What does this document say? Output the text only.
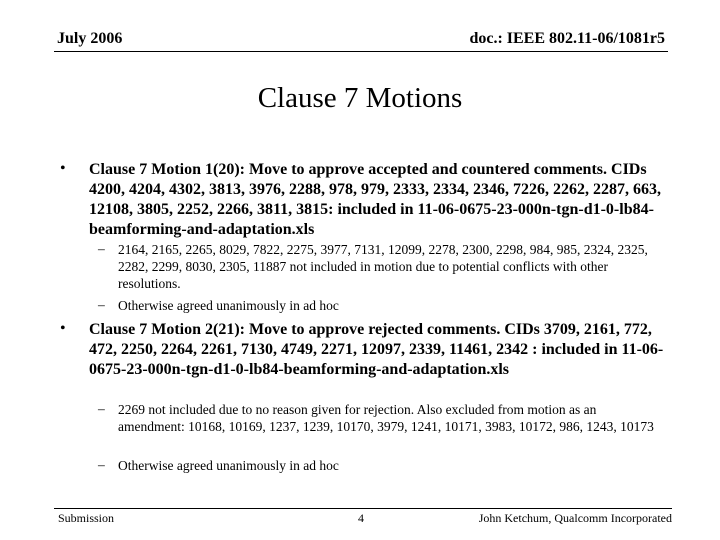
July 2006	doc.: IEEE 802.11-06/1081r5
Clause 7 Motions
• Clause 7 Motion 1(20): Move to approve accepted and countered comments. CIDs 4200, 4204, 4302, 3813, 3976, 2288, 978, 979, 2333, 2334, 2346, 7226, 2262, 2287, 663, 12108, 3805, 2252, 2266, 3811, 3815: included in 11-06-0675-23-000n-tgn-d1-0-lb84-beamforming-and-adaptation.xls
– 2164, 2165, 2265, 8029, 7822, 2275, 3977, 7131, 12099, 2278, 2300, 2298, 984, 985, 2324, 2325, 2282, 2299, 8030, 2305, 11887 not included in motion due to potential conflicts with other resolutions.
– Otherwise agreed unanimously in ad hoc
• Clause 7 Motion 2(21): Move to approve rejected comments. CIDs 3709, 2161, 772, 472, 2250, 2264, 2261, 7130, 4749, 2271, 12097, 2339, 11461, 2342 : included in 11-06-0675-23-000n-tgn-d1-0-lb84-beamforming-and-adaptation.xls
– 2269 not included due to no reason given for rejection. Also excluded from motion as an amendment: 10168, 10169, 1237, 1239, 10170, 3979, 1241, 10171, 3983, 10172, 986, 1243, 10173
– Otherwise agreed unanimously in ad hoc
Submission	4	John Ketchum, Qualcomm Incorporated
